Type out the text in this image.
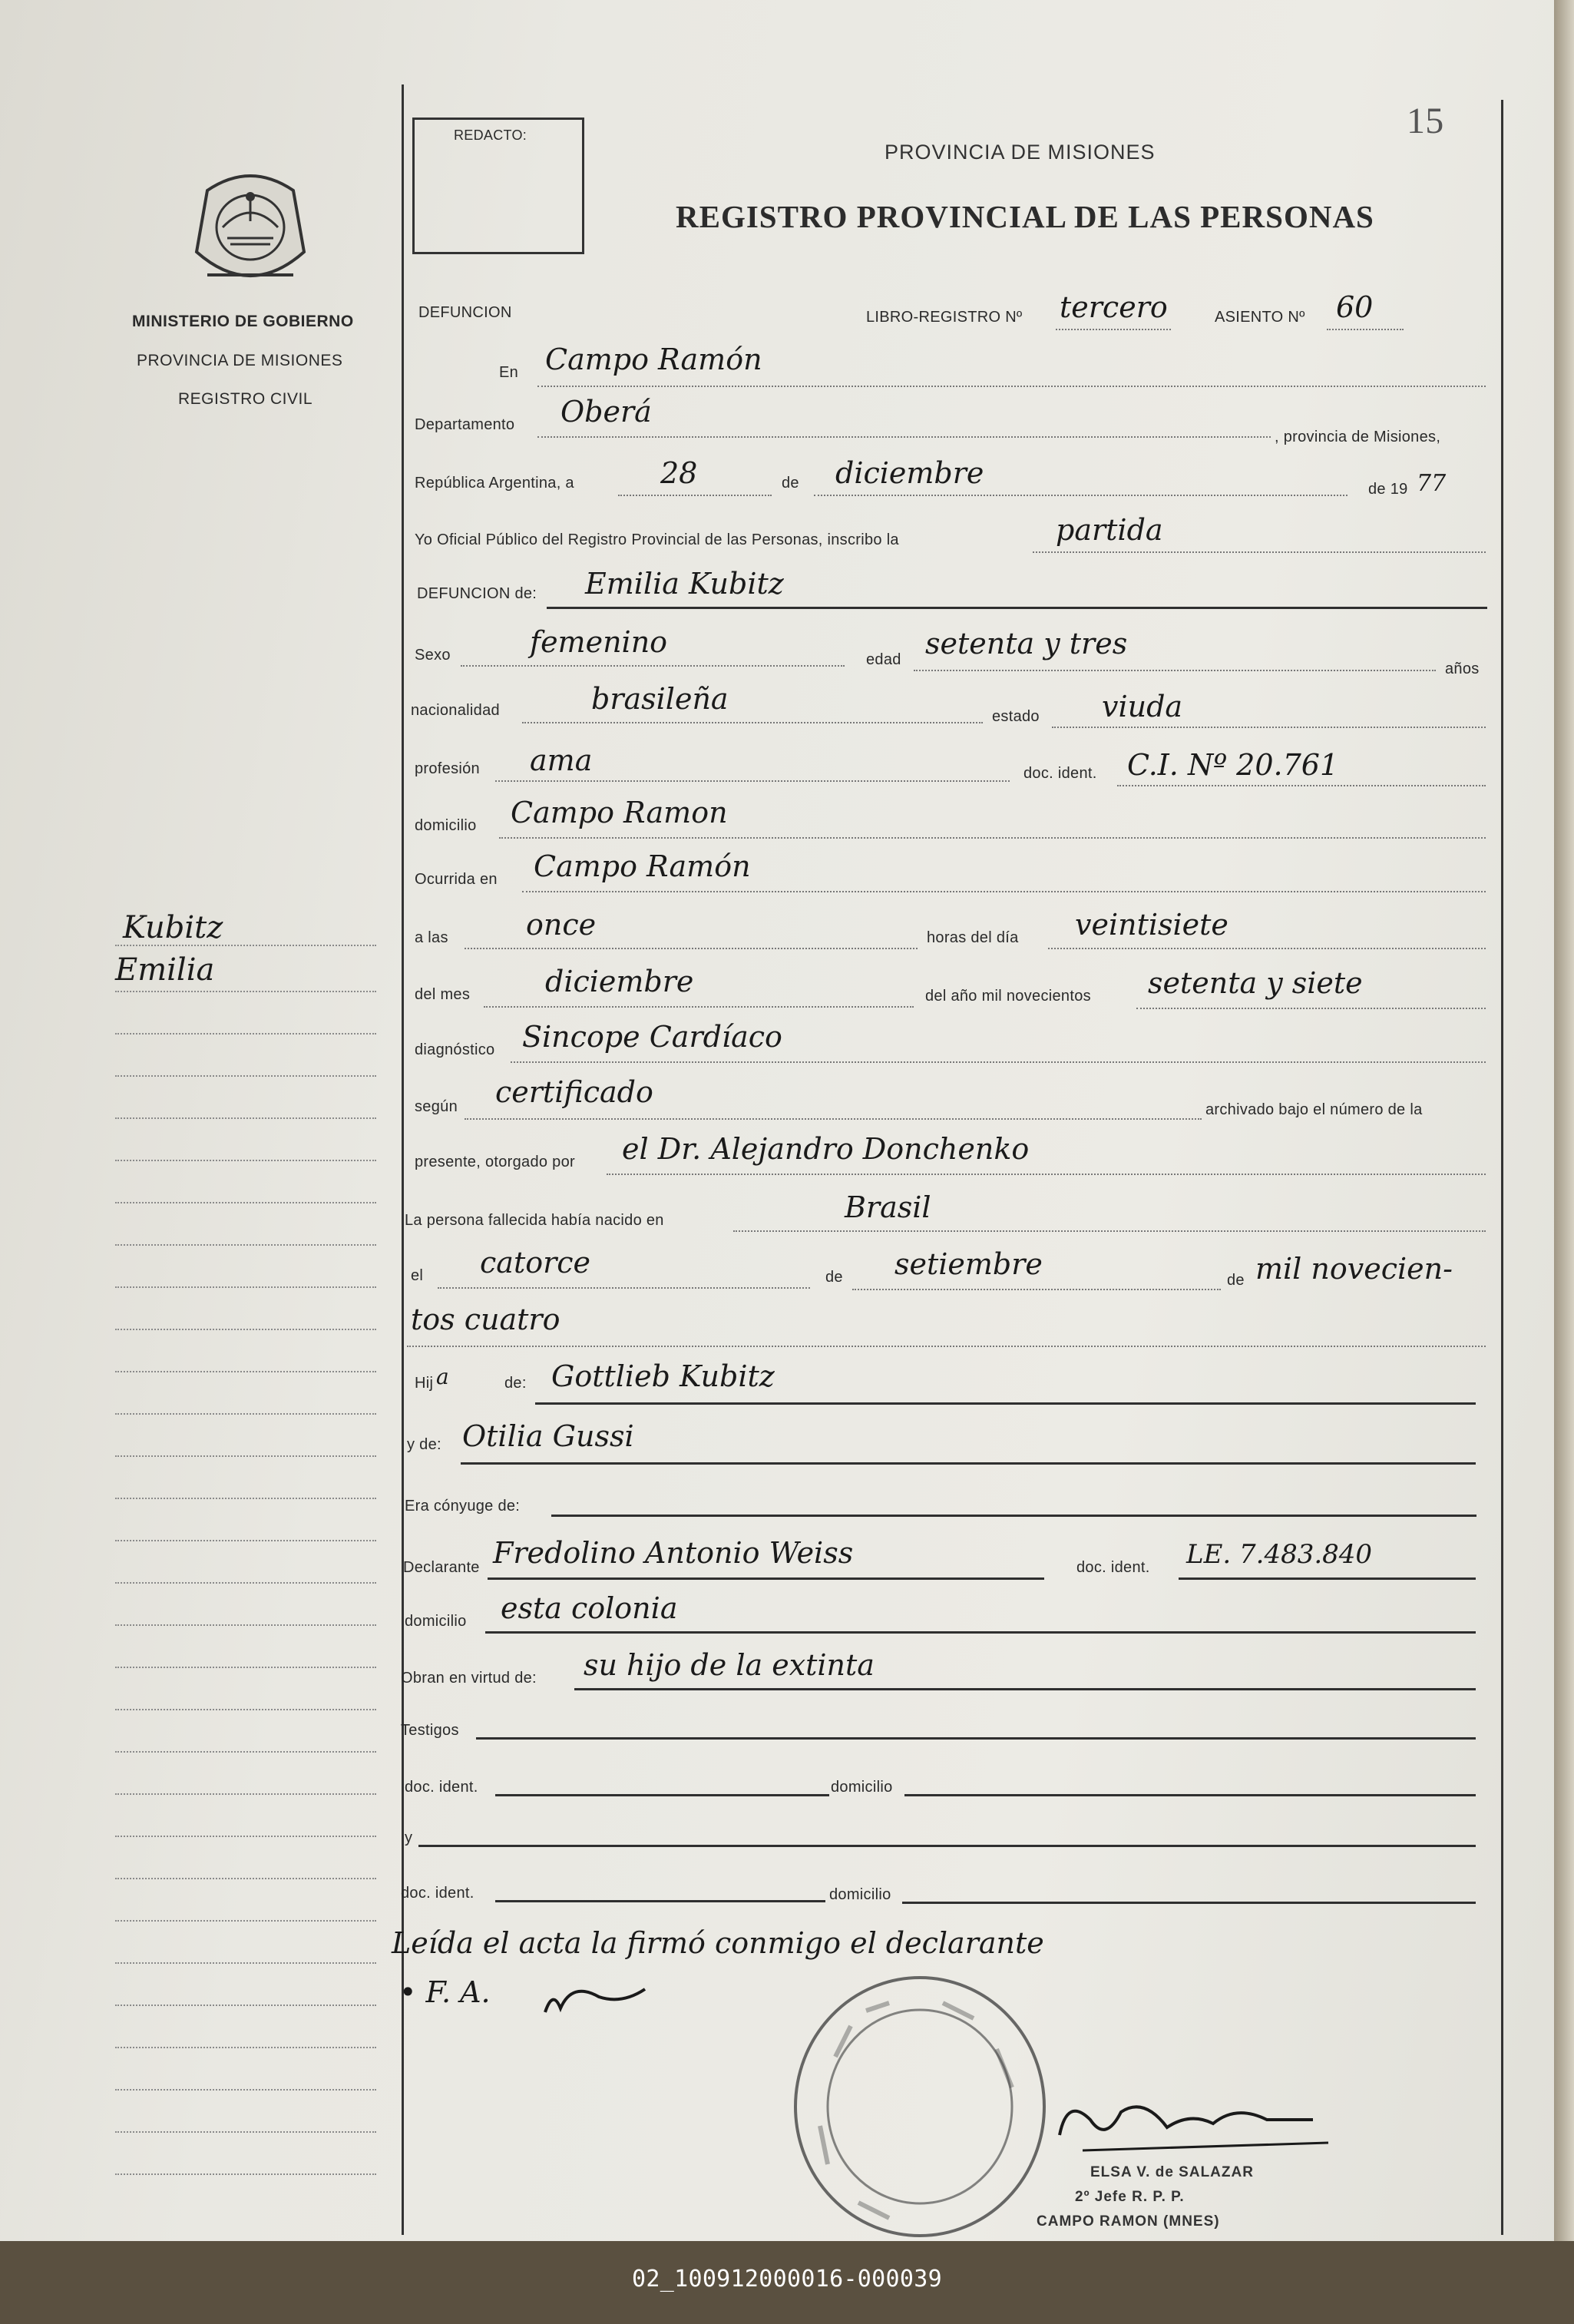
MINISTERIO DE GOBIERNO
PROVINCIA DE MISIONES
REGISTRO CIVIL
Kubitz
Emilia
REDACTO:	15
PROVINCIA DE MISIONES
REGISTRO PROVINCIAL DE LAS PERSONAS
DEFUNCION	LIBRO-REGISTRO Nº tercero	ASIENTO Nº 60
En Campo Ramón
Departamento Oberá
, provincia de Misiones,
República Argentina, a	28	de diciembre	de 19 77
Yo Oficial Público del Registro Provincial de las Personas, inscribo la	partida
DEFUNCION de: Emilia Kubitz
Sexo	femenino
edad setenta y tres
años
nacionalidad	brasileña
estado viuda
profesión ama	doc. ident. C.I. Nº 20.761
domicilio Campo Ramon
Ocurrida en Campo Ramón
a las	once	horas del día veintisiete
del mes	diciembre	del año mil novecientos setenta y siete
diagnóstico Sincope Cardíaco
según certificado
archivado bajo el número de la
presente, otorgado por el Dr. Alejandro Donchenko
La persona fallecida había nacido en	Brasil
el catorce	de setiembre	de mil novecien-
tos cuatro
Hij a	de: Gottlieb Kubitz
y de: Otilia Gussi
Era cónyuge de:
Declarante Fredolino Antonio Weiss	doc. ident. LE. 7.483.840
domicilio esta colonia
Obran en virtud de: su hijo de la extinta
Testigos
doc. ident.	domicilio
y
doc. ident.	domicilio
Leída el acta la firmó conmigo el declarante
• F. A.
ELSA V. de SALAZAR
2º Jefe R. P. P.
CAMPO RAMON (MNES)
02_100912000016-000039
